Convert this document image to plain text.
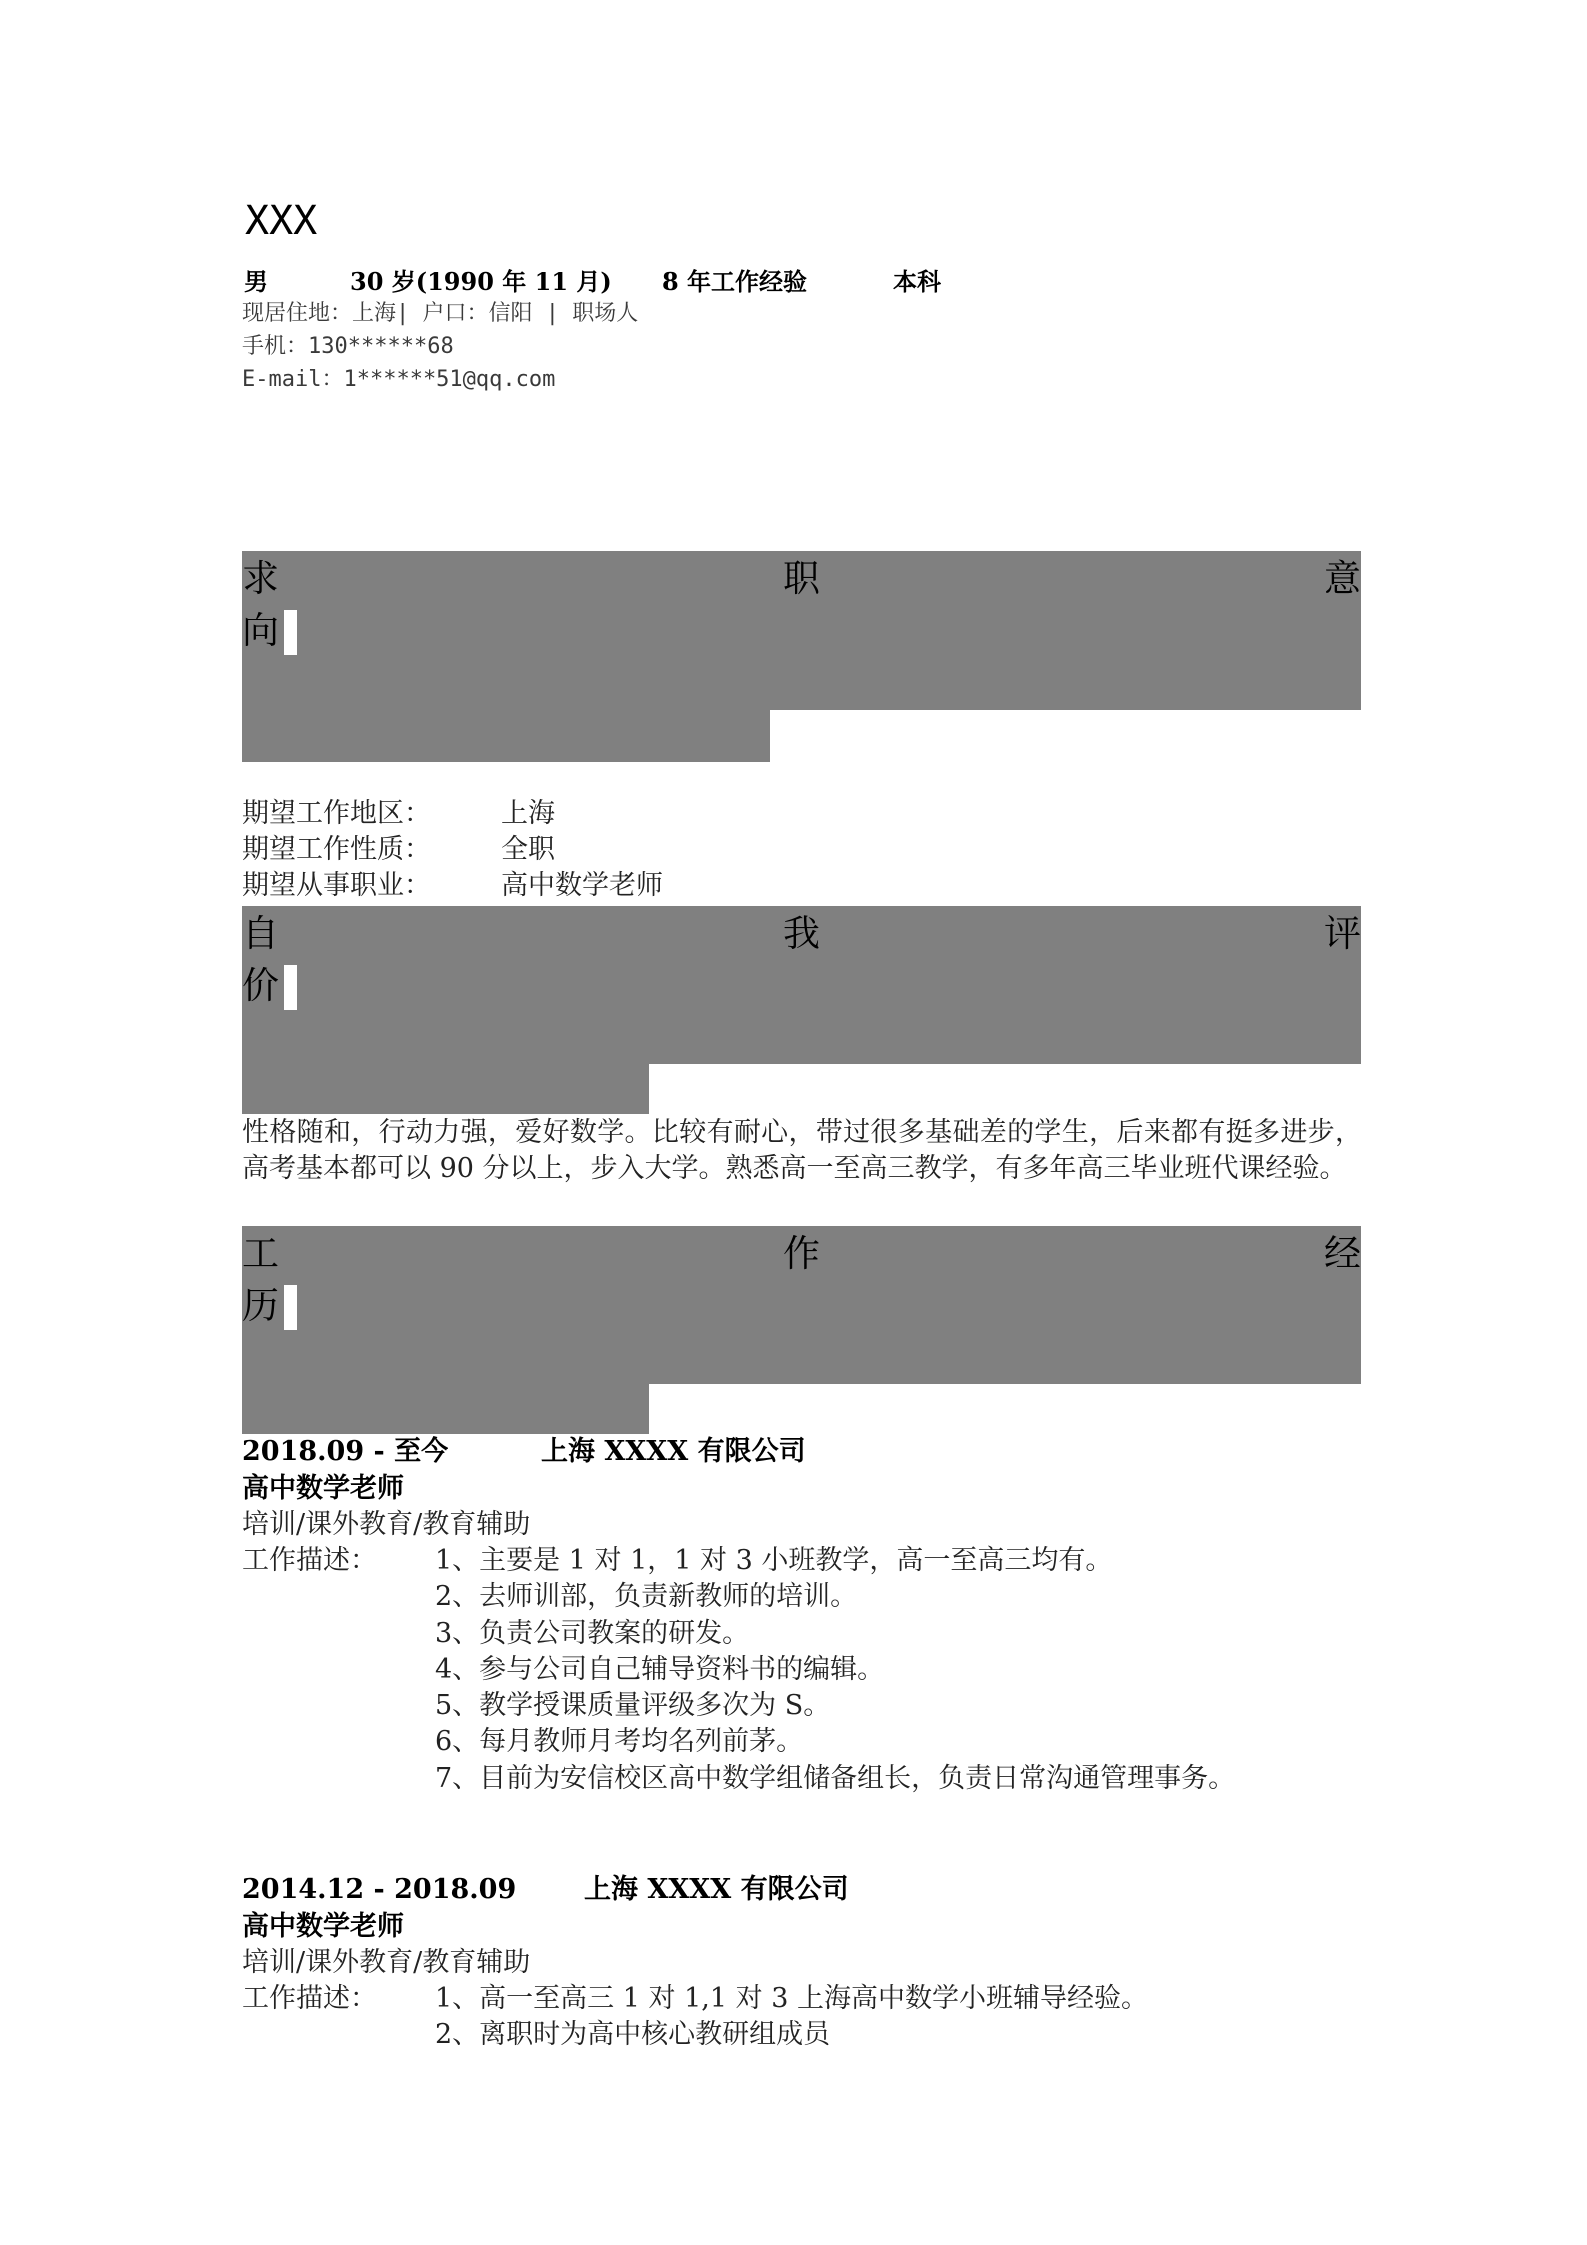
XXX
男	30 岁(1990 年 11 月) 8 年工作经验	本科
现居住地：上海| 户口：信阳 | 职场人
手机：130******68
E-mail：1******51@qq.com
求	职	意
向
期望工作地区：	上海
期望工作性质：	全职
期望从事职业：	高中数学老师
自	我	评
价
性格随和，行动力强，爱好数学。比较有耐心，带过很多基础差的学生，后来都有挺多进步，高考基本都可以 90 分以上，步入大学。熟悉高一至高三教学，有多年高三毕业班代课经验。
工	作	经
历
2018.09 - 至今	上海 XXXX 有限公司
高中数学老师
培训/课外教育/教育辅助
工作描述： 1、主要是 1 对 1，1 对 3 小班教学，高一至高三均有。
2、去师训部，负责新教师的培训。
3、负责公司教案的研发。
4、参与公司自己辅导资料书的编辑。
5、教学授课质量评级多次为 S。
6、每月教师月考均名列前茅。
7、目前为安信校区高中数学组储备组长，负责日常沟通管理事务。
2014.12 - 2018.09	上海 XXXX 有限公司
高中数学老师
培训/课外教育/教育辅助
工作描述： 1、高一至高三 1 对 1,1 对 3 上海高中数学小班辅导经验。
2、离职时为高中核心教研组成员
